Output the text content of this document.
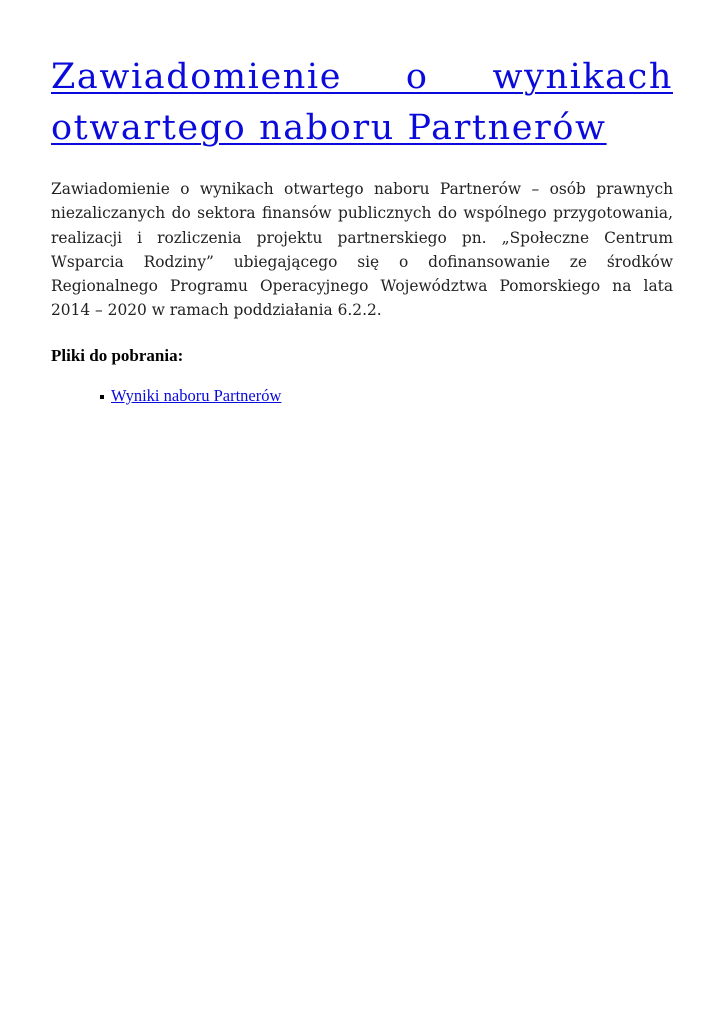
Zawiadomienie o wynikach otwartego naboru Partnerów

Zawiadomienie o wynikach otwartego naboru Partnerów – osób prawnych niezaliczanych do sektora finansów publicznych do wspólnego przygotowania, realizacji i rozliczenia projektu partnerskiego pn. „Społeczne Centrum Wsparcia Rodziny” ubiegającego się o dofinansowanie ze środków Regionalnego Programu Operacyjnego Województwa Pomorskiego na lata 2014 – 2020 w ramach poddziałania 6.2.2.

Pliki do pobrania:

Wyniki naboru Partnerów
